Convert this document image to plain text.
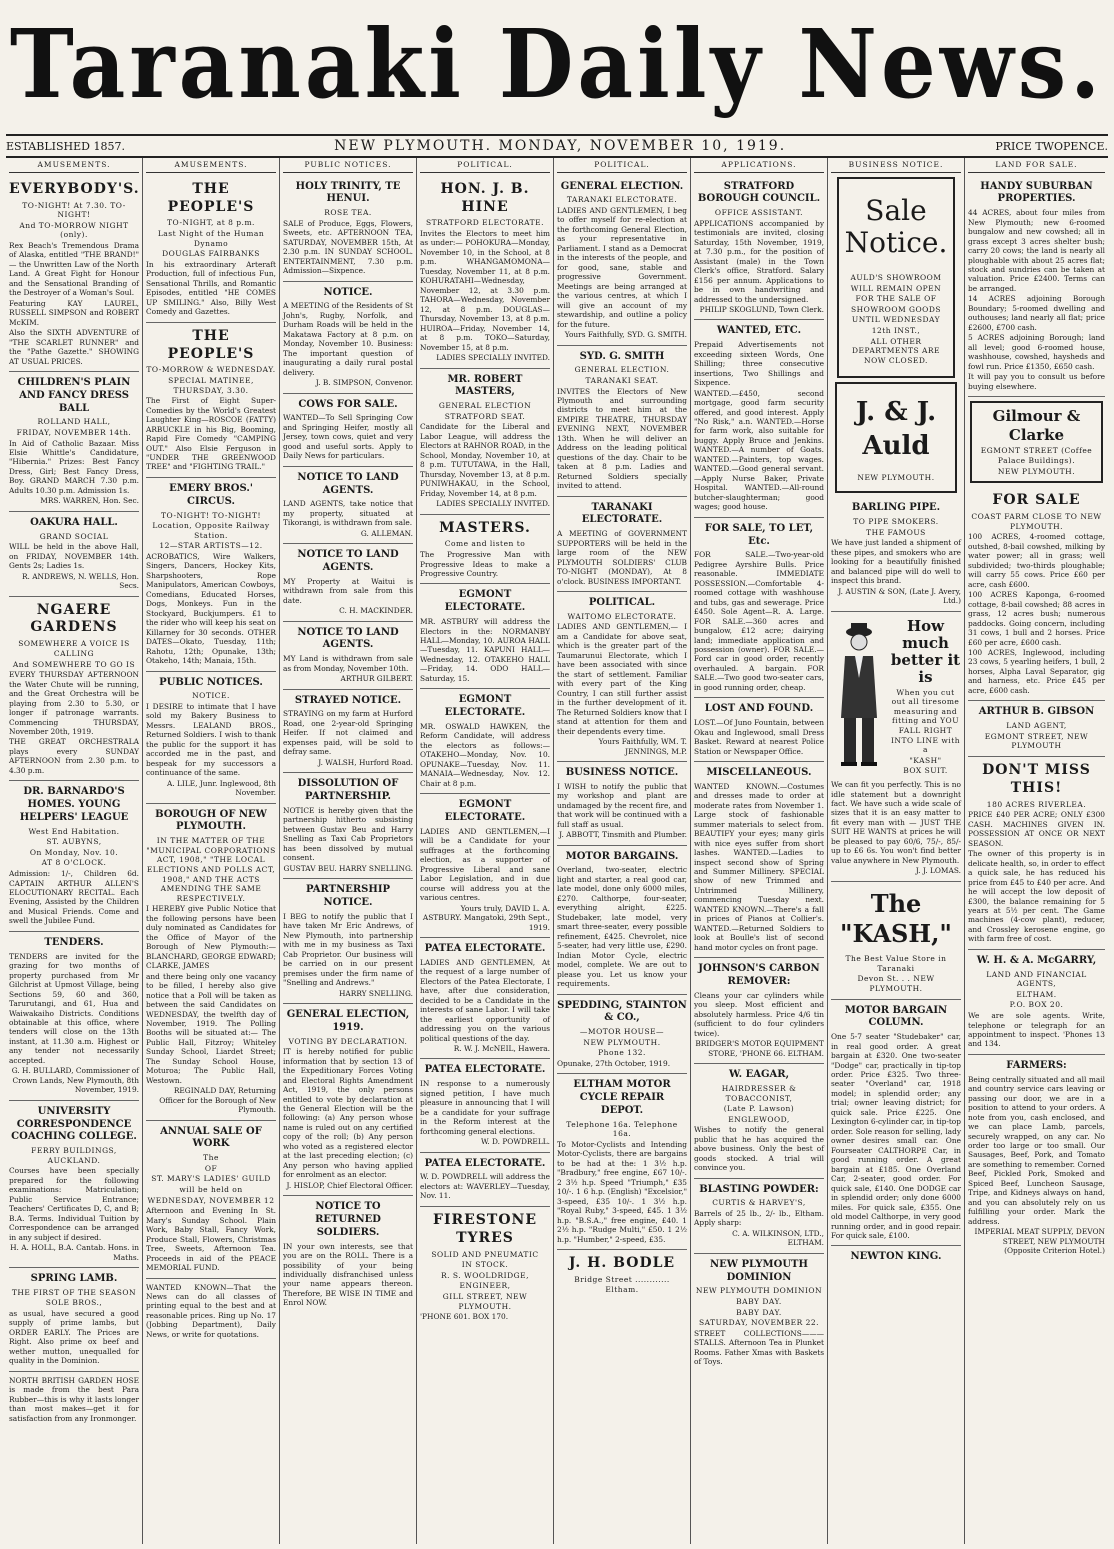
Taranaki Daily News.
ESTABLISHED 1857.	NEW PLYMOUTH. MONDAY, NOVEMBER 10, 1919.	PRICE TWOPENCE.
AMUSEMENTS.
EVERYBODY'S.
TO-NIGHT! At 7.30. TO-NIGHT!
And TO-MORROW NIGHT (only).
Rex Beach's Tremendous Drama of Alaska, entitled "THE BRAND!" — the Unwritten Law of the North Land. A Great Fight for Honour and the Sensational Branding of the Destroyer of a Woman's Soul.
Featuring KAY LAUREL, RUSSELL SIMPSON and ROBERT McKIM.
Also the SIXTH ADVENTURE of "THE SCARLET RUNNER" and the "Pathe Gazette." SHOWING AT USUAL PRICES.
CHILDREN'S PLAIN AND FANCY DRESS BALL
ROLLAND HALL,
FRIDAY, NOVEMBER 14th.
In Aid of Catholic Bazaar. Miss Elsie Whittle's Candidature, "Hibernia." Prizes: Best Fancy Dress, Girl; Best Fancy Dress, Boy. GRAND MARCH 7.30 p.m. Adults 10.30 p.m. Admission 1s.
MRS. WARREN, Hon. Sec.
OAKURA HALL.
GRAND SOCIAL
WILL be held in the above Hall, on FRIDAY, NOVEMBER 14th. Gents 2s; Ladies 1s.
R. ANDREWS, N. WELLS, Hon. Secs.
NGAERE GARDENS
SOMEWHERE A VOICE IS CALLING
And SOMEWHERE TO GO IS
EVERY THURSDAY AFTERNOON the Water Chute will be running, and the Great Orchestra will be playing from 2.30 to 5.30, or longer if patronage warrants. Commencing THURSDAY, November 20th, 1919.
THE GREAT ORCHESTRALA plays every SUNDAY AFTERNOON from 2.30 p.m. to 4.30 p.m.
DR. BARNARDO'S HOMES. YOUNG HELPERS' LEAGUE
West End Habitation.
ST. AUBYNS,
On Monday, Nov. 10.
AT 8 O'CLOCK.
Admission: 1/-, Children 6d. CAPTAIN ARTHUR ALLEN'S ELOCUTIONARY RECITAL. Each Evening, Assisted by the Children and Musical Friends. Come and swell the Jubilee Fund.
TENDERS.
TENDERS are invited for the grazing for two months of property purchased from Mr Gilchrist at Upmost Village, being Sections 59, 60 and 360, Tarurutangi, and 61, Hua and Waiwakaiho Districts. Conditions obtainable at this office, where tenders will close on the 13th instant, at 11.30 a.m. Highest or any tender not necessarily accepted.
G. H. BULLARD, Commissioner of Crown Lands, New Plymouth, 8th November, 1919.
UNIVERSITY CORRESPONDENCE COACHING COLLEGE.
FERRY BUILDINGS, AUCKLAND.
Courses have been specially prepared for the following examinations: Matriculation; Public Service Entrance; Teachers' Certificates D, C, and B; B.A. Terms. Individual Tuition by Correspondence can be arranged in any subject if desired.
H. A. HOLL, B.A. Cantab. Hons. in Maths.
SPRING LAMB.
THE FIRST OF THE SEASON
SOLE BROS.,
as usual, have secured a good supply of prime lambs, but ORDER EARLY. The Prices are Right. Also prime ox beef and wether mutton, unequalled for quality in the Dominion.
NORTH BRITISH GARDEN HOSE is made from the best Para Rubber—this is why it lasts longer than most makes—get it for satisfaction from any Ironmonger.
AMUSEMENTS.
THE PEOPLE'S
TO-NIGHT, at 8 p.m.
Last Night of the Human Dynamo
DOUGLAS FAIRBANKS
In his extraordinary Arteraft Production, full of infectious Fun, Sensational Thrills, and Romantic Episodes, entitled "HE COMES UP SMILING." Also, Billy West Comedy and Gazettes.
THE PEOPLE'S
TO-MORROW & WEDNESDAY.
SPECIAL MATINEE, THURSDAY, 3.30.
The First of Eight Super-Comedies by the World's Greatest Laughter King—ROSCOE (FATTY) ARBUCKLE in his Big, Booming, Rapid Fire Comedy "CAMPING OUT." Also Elsie Ferguson in "UNDER THE GREENWOOD TREE" and "FIGHTING TRAIL."
EMERY BROS.' CIRCUS.
TO-NIGHT! TO-NIGHT!
Location, Opposite Railway Station.
12—STAR ARTISTS—12.
ACROBATICS, Wire Walkers, Singers, Dancers, Hockey Kits, Sharpshooters, Rope Manipulators, American Cowboys, Comedians, Educated Horses, Dogs, Monkeys. Fun in the Stockyard, Buckjumpers. £1 to the rider who will keep his seat on Killarney for 30 seconds. OTHER DATES—Okato, Tuesday, 11th; Rahotu, 12th; Opunake, 13th; Otakeho, 14th; Manaia, 15th.
PUBLIC NOTICES.
NOTICE.
I DESIRE to intimate that I have sold my Bakery Business to Messrs. LEALAND BROS., Returned Soldiers. I wish to thank the public for the support it has accorded me in the past, and bespeak for my successors a continuance of the same.
A. LILE, Junr. Inglewood, 8th November.
BOROUGH OF NEW PLYMOUTH.
IN THE MATTER OF THE "MUNICIPAL CORPORATIONS ACT, 1908," "THE LOCAL ELECTIONS AND POLLS ACT, 1908," AND THE ACTS AMENDING THE SAME RESPECTIVELY.
I HEREBY give Public Notice that the following persons have been duly nominated as Candidates for the Office of Mayor of the Borough of New Plymouth:— BLANCHARD, GEORGE EDWARD; CLARKE, JAMES
and there being only one vacancy to be filled, I hereby also give notice that a Poll will be taken as between the said Candidates on WEDNESDAY, the twelfth day of November, 1919. The Polling Booths will be situated at:— The Public Hall, Fitzroy; Whiteley Sunday School, Liardet Street; The Sunday School House, Moturoa; The Public Hall, Westown.
REGINALD DAY, Returning Officer for the Borough of New Plymouth.
ANNUAL SALE OF WORK
The
OF
ST. MARY'S LADIES' GUILD
will be held on
WEDNESDAY, NOVEMBER 12
Afternoon and Evening In St. Mary's Sunday School. Plain Work, Baby Stall, Fancy Work, Produce Stall, Flowers, Christmas Tree, Sweets, Afternoon Tea. Proceeds in aid of the PEACE MEMORIAL FUND.
WANTED KNOWN—That the News can do all classes of printing equal to the best and at reasonable prices. Ring up No. 17 (Jobbing Department), Daily News, or write for quotations.
PUBLIC NOTICES.
HOLY TRINITY, TE HENUI.
ROSE TEA.
SALE of Produce, Eggs, Flowers, Sweets, etc. AFTERNOON TEA, SATURDAY, NOVEMBER 15th, At 2.30 p.m. IN SUNDAY SCHOOL. ENTERTAINMENT, 7.30 p.m. Admission—Sixpence.
NOTICE.
A MEETING of the Residents of St John's, Rugby, Norfolk, and Durham Roads will be held in the Makatawa Factory at 8 p.m. on Monday, November 10. Business: The important question of inaugurating a daily rural postal delivery.
J. B. SIMPSON, Convenor.
COWS FOR SALE.
WANTED—To Sell Springing Cow and Springing Heifer, mostly all Jersey, town cows, quiet and very good and useful sorts. Apply to Daily News for particulars.
NOTICE TO LAND AGENTS.
LAND AGENTS, take notice that my property, situated at Tikorangi, is withdrawn from sale.
G. ALLEMAN.
NOTICE TO LAND AGENTS.
MY Property at Waitui is withdrawn from sale from this date.
C. H. MACKINDER.
NOTICE TO LAND AGENTS.
MY Land is withdrawn from sale as from Monday, November 10th.
ARTHUR GILBERT.
STRAYED NOTICE.
STRAYING on my farm at Hurford Road, one 2-year-old Springing Heifer. If not claimed and expenses paid, will be sold to defray same.
J. WALSH, Hurford Road.
DISSOLUTION OF PARTNERSHIP.
NOTICE is hereby given that the partnership hitherto subsisting between Gustav Beu and Harry Snelling as Taxi Cab Proprietors has been dissolved by mutual consent.
GUSTAV BEU. HARRY SNELLING.
PARTNERSHIP NOTICE.
I BEG to notify the public that I have taken Mr Eric Andrews, of New Plymouth, into partnership with me in my business as Taxi Cab Proprietor. Our business will be carried on in our present premises under the firm name of "Snelling and Andrews."
HARRY SNELLING.
GENERAL ELECTION, 1919.
VOTING BY DECLARATION.
IT is hereby notified for public information that by section 13 of the Expeditionary Forces Voting and Electoral Rights Amendment Act, 1919, the only persons entitled to vote by declaration at the General Election will be the following: (a) Any person whose name is ruled out on any certified copy of the roll; (b) Any person who voted as a registered elector at the last preceding election; (c) Any person who having applied for enrolment as an elector.
J. HISLOP, Chief Electoral Officer.
NOTICE TO RETURNED SOLDIERS.
IN your own interests, see that you are on the ROLL. There is a possibility of your being individually disfranchised unless your name appears thereon. Therefore, BE WISE IN TIME and Enrol NOW.
POLITICAL.
HON. J. B. HINE
STRATFORD ELECTORATE.
Invites the Electors to meet him as under:— POHOKURA—Monday, November 10, in the School, at 8 p.m. WHANGAMOMONA—Tuesday, November 11, at 8 p.m. KOHURATAHI—Wednesday, November 12, at 3.30 p.m. TAHORA—Wednesday, November 12, at 8 p.m. DOUGLAS—Thursday, November 13, at 8 p.m. HUIROA—Friday, November 14, at 8 p.m. TOKO—Saturday, November 15, at 8 p.m.
LADIES SPECIALLY INVITED.
MR. ROBERT MASTERS,
GENERAL ELECTION
STRATFORD SEAT.
Candidate for the Liberal and Labor League, will address the Electors at RAHNOR ROAD, in the School, Monday, November 10, at 8 p.m. TUTUTAWA, in the Hall, Thursday, November 13, at 8 p.m. PUNIWHAKAU, in the School, Friday, November 14, at 8 p.m.
LADIES SPECIALLY INVITED.
MASTERS.
Come and listen to
The Progressive Man with Progressive Ideas to make a Progressive Country.
EGMONT ELECTORATE.
MR. ASTBURY will address the Electors in the: NORMANBY HALL—Monday, 10. AUROA HALL—Tuesday, 11. KAPUNI HALL—Wednesday, 12. OTAKEHO HALL—Friday, 14. ODO HALL—Saturday, 15.
EGMONT ELECTORATE.
MR. OSWALD HAWKEN, the Reform Candidate, will address the electors as follows:— OTAKEHO—Monday, Nov. 10. OPUNAKE—Tuesday, Nov. 11. MANAIA—Wednesday, Nov. 12. Chair at 8 p.m.
EGMONT ELECTORATE.
LADIES AND GENTLEMEN,—I will be a Candidate for your suffrages at the forthcoming election, as a supporter of Progressive Liberal and sane Labor Legislation, and in due course will address you at the various centres.
Yours truly, DAVID L. A. ASTBURY. Mangatoki, 29th Sept., 1919.
PATEA ELECTORATE.
LADIES AND GENTLEMEN, At the request of a large number of Electors of the Patea Electorate, I have, after due consideration, decided to be a Candidate in the interests of sane Labor. I will take the earliest opportunity of addressing you on the various political questions of the day.
R. W. J. McNEIL, Hawera.
PATEA ELECTORATE.
IN response to a numerously signed petition, I have much pleasure in announcing that I will be a candidate for your suffrage in the Reform interest at the forthcoming general elections.
W. D. POWDRELL.
PATEA ELECTORATE.
W. D. POWDRELL will address the electors at: WAVERLEY—Tuesday, Nov. 11.
FIRESTONE TYRES
SOLID AND PNEUMATIC
IN STOCK.
R. S. WOOLDRIDGE,
ENGINEER,
GILL STREET, NEW PLYMOUTH.
'PHONE 601. BOX 170.
POLITICAL.
GENERAL ELECTION.
TARANAKI ELECTORATE.
LADIES AND GENTLEMEN, I beg to offer myself for re-election at the forthcoming General Election, as your representative in Parliament. I stand as a Democrat in the interests of the people, and for good, sane, stable and progressive Government. Meetings are being arranged at the various centres, at which I will give an account of my stewardship, and outline a policy for the future.
Yours Faithfully, SYD. G. SMITH.
SYD. G. SMITH
GENERAL ELECTION.
TARANAKI SEAT.
INVITES the Electors of New Plymouth and surrounding districts to meet him at the EMPIRE THEATRE, THURSDAY EVENING NEXT, NOVEMBER 13th. When he will deliver an Address on the leading political questions of the day. Chair to be taken at 8 p.m. Ladies and Returned Soldiers specially invited to attend.
TARANAKI ELECTORATE.
A MEETING of GOVERNMENT SUPPORTERS will be held in the large room of the NEW PLYMOUTH SOLDIERS' CLUB TO-NIGHT (MONDAY), At 8 o'clock. BUSINESS IMPORTANT.
POLITICAL.
WAITOMO ELECTORATE.
LADIES AND GENTLEMEN,— I am a Candidate for above seat, which is the greater part of the Taumarunui Electorate, which I have been associated with since the start of settlement. Familiar with every part of the King Country, I can still further assist in the further development of it. The Returned Soldiers know that I stand at attention for them and their dependents every time.
Yours Faithfully, WM. T. JENNINGS, M.P.
BUSINESS NOTICE.
I WISH to notify the public that my workshop and plant are undamaged by the recent fire, and that work will be continued with a full staff as usual.
J. ABBOTT, Tinsmith and Plumber.
MOTOR BARGAINS.
Overland, two-seater, electric light and starter, a real good car, late model, done only 6000 miles, £270. Calthorpe, four-seater, everything alright, £225. Studebaker, late model, very smart three-seater, every possible refinement, £425. Chevrolet, nice 5-seater, had very little use, £290. Indian Motor Cycle, electric model, complete. We are out to please you. Let us know your requirements.
SPEDDING, STAINTON & CO.,
—MOTOR HOUSE—
NEW PLYMOUTH.
Phone 132.
Opunake, 27th October, 1919.
ELTHAM MOTOR CYCLE REPAIR DEPOT.
Telephone 16a. Telephone 16a.
To Motor-Cyclists and Intending Motor-Cyclists, there are bargains to be had at the: 1 3½ h.p. "Bradbury," free engine, £67 10/-. 2 3½ h.p. Speed "Triumph," £35 10/-. 1 6 h.p. (English) "Excelsior," 3-speed, £35 10/-. 1 3½ h.p. "Royal Ruby," 3-speed, £45. 1 3½ h.p. "B.S.A.," free engine, £40. 1 2½ h.p. "Rudge Multi," £50. 1 2½ h.p. "Humber," 2-speed, £35.
J. H. BODLE
Bridge Street ............ Eltham.
APPLICATIONS.
STRATFORD BOROUGH COUNCIL.
OFFICE ASSISTANT.
APPLICATIONS accompanied by testimonials are invited, closing Saturday, 15th November, 1919, at 7.30 p.m., for the position of Assistant (male) in the Town Clerk's office, Stratford. Salary £156 per annum. Applications to be in own handwriting and addressed to the undersigned.
PHILIP SKOGLUND, Town Clerk.
WANTED, ETC.
Prepaid Advertisements not exceeding sixteen Words, One Shilling; three consecutive insertions, Two Shillings and Sixpence.
WANTED.—£450, second mortgage, good farm security offered, and good interest. Apply "No Risk," a.n. WANTED.—Horse for farm work, also suitable for buggy. Apply Bruce and Jenkins. WANTED.—A number of Goats. WANTED.—Painters, top wages. WANTED.—Good general servant.—Apply Nurse Baker, Private Hospital. WANTED.—All-round butcher-slaughterman; good wages; good house.
FOR SALE, TO LET, Etc.
FOR SALE.—Two-year-old Pedigree Ayrshire Bulls. Price reasonable. IMMEDIATE POSSESSION.—Comfortable 4-roomed cottage with washhouse and tubs, gas and sewerage. Price £450. Sole Agent—R. A. Large. FOR SALE.—360 acres and bungalow, £12 acre; dairying land; immediate application and possession (owner). FOR SALE.—Ford car in good order, recently overhauled. A bargain. FOR SALE.—Two good two-seater cars, in good running order, cheap.
LOST AND FOUND.
LOST.—Of Juno Fountain, between Okau and Inglewood, small Dress Basket. Reward at nearest Police Station or Newspaper Office.
MISCELLANEOUS.
WANTED KNOWN.—Costumes and dresses made to order at moderate rates from November 1. Large stock of fashionable summer materials to select from. BEAUTIFY your eyes; many girls with nice eyes suffer from short lashes. WANTED.—Ladies to inspect second show of Spring and Summer Millinery. SPECIAL show of new Trimmed and Untrimmed Millinery, commencing Tuesday next. WANTED KNOWN.—There's a fall in prices of Pianos at Collier's. WANTED.—Returned Soldiers to look at Boulle's list of second hand motor cycles on front page.
JOHNSON'S CARBON REMOVER:
Cleans your car cylinders while you sleep. Most efficient and absolutely harmless. Price 4/6 tin (sufficient to do four cylinders twice).
BRIDGER'S MOTOR EQUIPMENT STORE, 'PHONE 66. ELTHAM.
W. EAGAR,
HAIRDRESSER & TOBACCONIST,
(Late P. Lawson)
ENGLEWOOD,
Wishes to notify the general public that he has acquired the above business. Only the best of goods stocked. A trial will convince you.
BLASTING POWDER:
CURTIS & HARVEY'S,
Barrels of 25 lb., 2/- lb., Eltham. Apply sharp:
C. A. WILKINSON, LTD., ELTHAM.
NEW PLYMOUTH DOMINION
NEW PLYMOUTH DOMINION
BABY DAY.
BABY DAY.
SATURDAY, NOVEMBER 22.
STREET COLLECTIONS———STALLS. Afternoon Tea in Plunket Rooms. Father Xmas with Baskets of Toys.
BUSINESS NOTICE.
Sale Notice.
AULD'S SHOWROOM
WILL REMAIN OPEN
FOR THE SALE OF
SHOWROOM GOODS
UNTIL WEDNESDAY
12th INST.,
ALL OTHER DEPARTMENTS ARE NOW CLOSED.
J. & J. Auld
NEW PLYMOUTH.
BARLING PIPE.
TO PIPE SMOKERS.
THE FAMOUS
We have just landed a shipment of these pipes, and smokers who are looking for a beautifully finished and balanced pipe will do well to inspect this brand.
J. AUSTIN & SON, (Late J. Avery, Ltd.)
How much better it is
When you cut out all tiresome measuring and fitting and YOU FALL RIGHT INTO LINE with a
"KASH"
BOX SUIT.
We can fit you perfectly. This is no idle statement but a downright fact. We have such a wide scale of sizes that it is an easy matter to fit every man with — JUST THE SUIT HE WANTS at prices he will be pleased to pay 60/6, 75/-, 85/- up to £6 6s. You won't find better value anywhere in New Plymouth.
J. J. LOMAS.
The "KASH,"
The Best Value Store in Taranaki
Devon St. . . NEW PLYMOUTH.
MOTOR BARGAIN COLUMN.
One 5-7 seater "Studebaker" car, in real good order. A great bargain at £320. One two-seater "Dodge" car, practically in tip-top order. Price £325. Two three-seater "Overland" car, 1918 model; in splendid order; any trial; owner leaving district; for quick sale. Price £225. One Lexington 6-cylinder car, in tip-top order. Sole reason for selling, lady owner desires small car. One Fourseater CALTHORPE Car, in good running order. A great bargain at £185. One Overland Car, 2-seater, good order. For quick sale, £140. One DODGE car in splendid order; only done 6000 miles. For quick sale, £355. One old model Calthorpe, in very good running order, and in good repair. For quick sale, £100.
NEWTON KING.
LAND FOR SALE.
HANDY SUBURBAN PROPERTIES.
44 ACRES, about four miles from New Plymouth; new 6-roomed bungalow and new cowshed; all in grass except 3 acres shelter bush; carry 20 cows; the land is nearly all ploughable with about 25 acres flat; stock and sundries can be taken at valuation. Price £2400. Terms can be arranged.
14 ACRES adjoining Borough Boundary; 5-roomed dwelling and outhouses; land nearly all flat; price £2600, £700 cash.
5 ACRES adjoining Borough; land all level; good 6-roomed house, washhouse, cowshed, haysheds and fowl run. Price £1350, £650 cash.
It will pay you to consult us before buying elsewhere.
Gilmour & Clarke
EGMONT STREET (Coffee Palace Buildings).
NEW PLYMOUTH.
FOR SALE
COAST FARM CLOSE TO NEW PLYMOUTH.
100 ACRES, 4-roomed cottage, outshed, 8-bail cowshed, milking by water power; all in grass; well subdivided; two-thirds ploughable; will carry 55 cows. Price £60 per acre, cash £600.
100 ACRES Kaponga, 6-roomed cottage, 8-bail cowshed; 88 acres in grass, 12 acres bush; numerous paddocks. Going concern, including 31 cows, 1 bull and 2 horses. Price £60 per acre, £600 cash.
100 ACRES, Inglewood, including 23 cows, 5 yearling heifers, 1 bull, 2 horses, Alpha Laval Separator, gig and harness, etc. Price £45 per acre, £600 cash.
ARTHUR B. GIBSON
LAND AGENT,
EGMONT STREET, NEW PLYMOUTH
DON'T MISS THIS!
180 ACRES RIVERLEA.
PRICE £40 PER ACRE; ONLY £300 CASH. MACHINES GIVEN IN. POSSESSION AT ONCE OR NEXT SEASON.
The owner of this property is in delicate health, so, in order to effect a quick sale, he has reduced his price from £45 to £40 per acre. And he will accept the low deposit of £300, the balance remaining for 5 years at 5½ per cent. The Game machines (4-cow plant), reducer, and Crossley kerosene engine, go with farm free of cost.
W. H. & A. McGARRY,
LAND AND FINANCIAL AGENTS,
ELTHAM.
P.O. BOX 20.
We are sole agents. Write, telephone or telegraph for an appointment to inspect. 'Phones 13 and 134.
FARMERS:
Being centrally situated and all mail and country service cars leaving or passing our door, we are in a position to attend to your orders. A note from you, cash enclosed, and we can place Lamb, parcels, securely wrapped, on any car. No order too large or too small. Our Sausages, Beef, Pork, and Tomato are something to remember. Corned Beef, Pickled Pork, Smoked and Spiced Beef, Luncheon Sausage, Tripe, and Kidneys always on hand, and you can absolutely rely on us fulfilling your order. Mark the address.
IMPERIAL MEAT SUPPLY, DEVON STREET, NEW PLYMOUTH (Opposite Criterion Hotel.)
